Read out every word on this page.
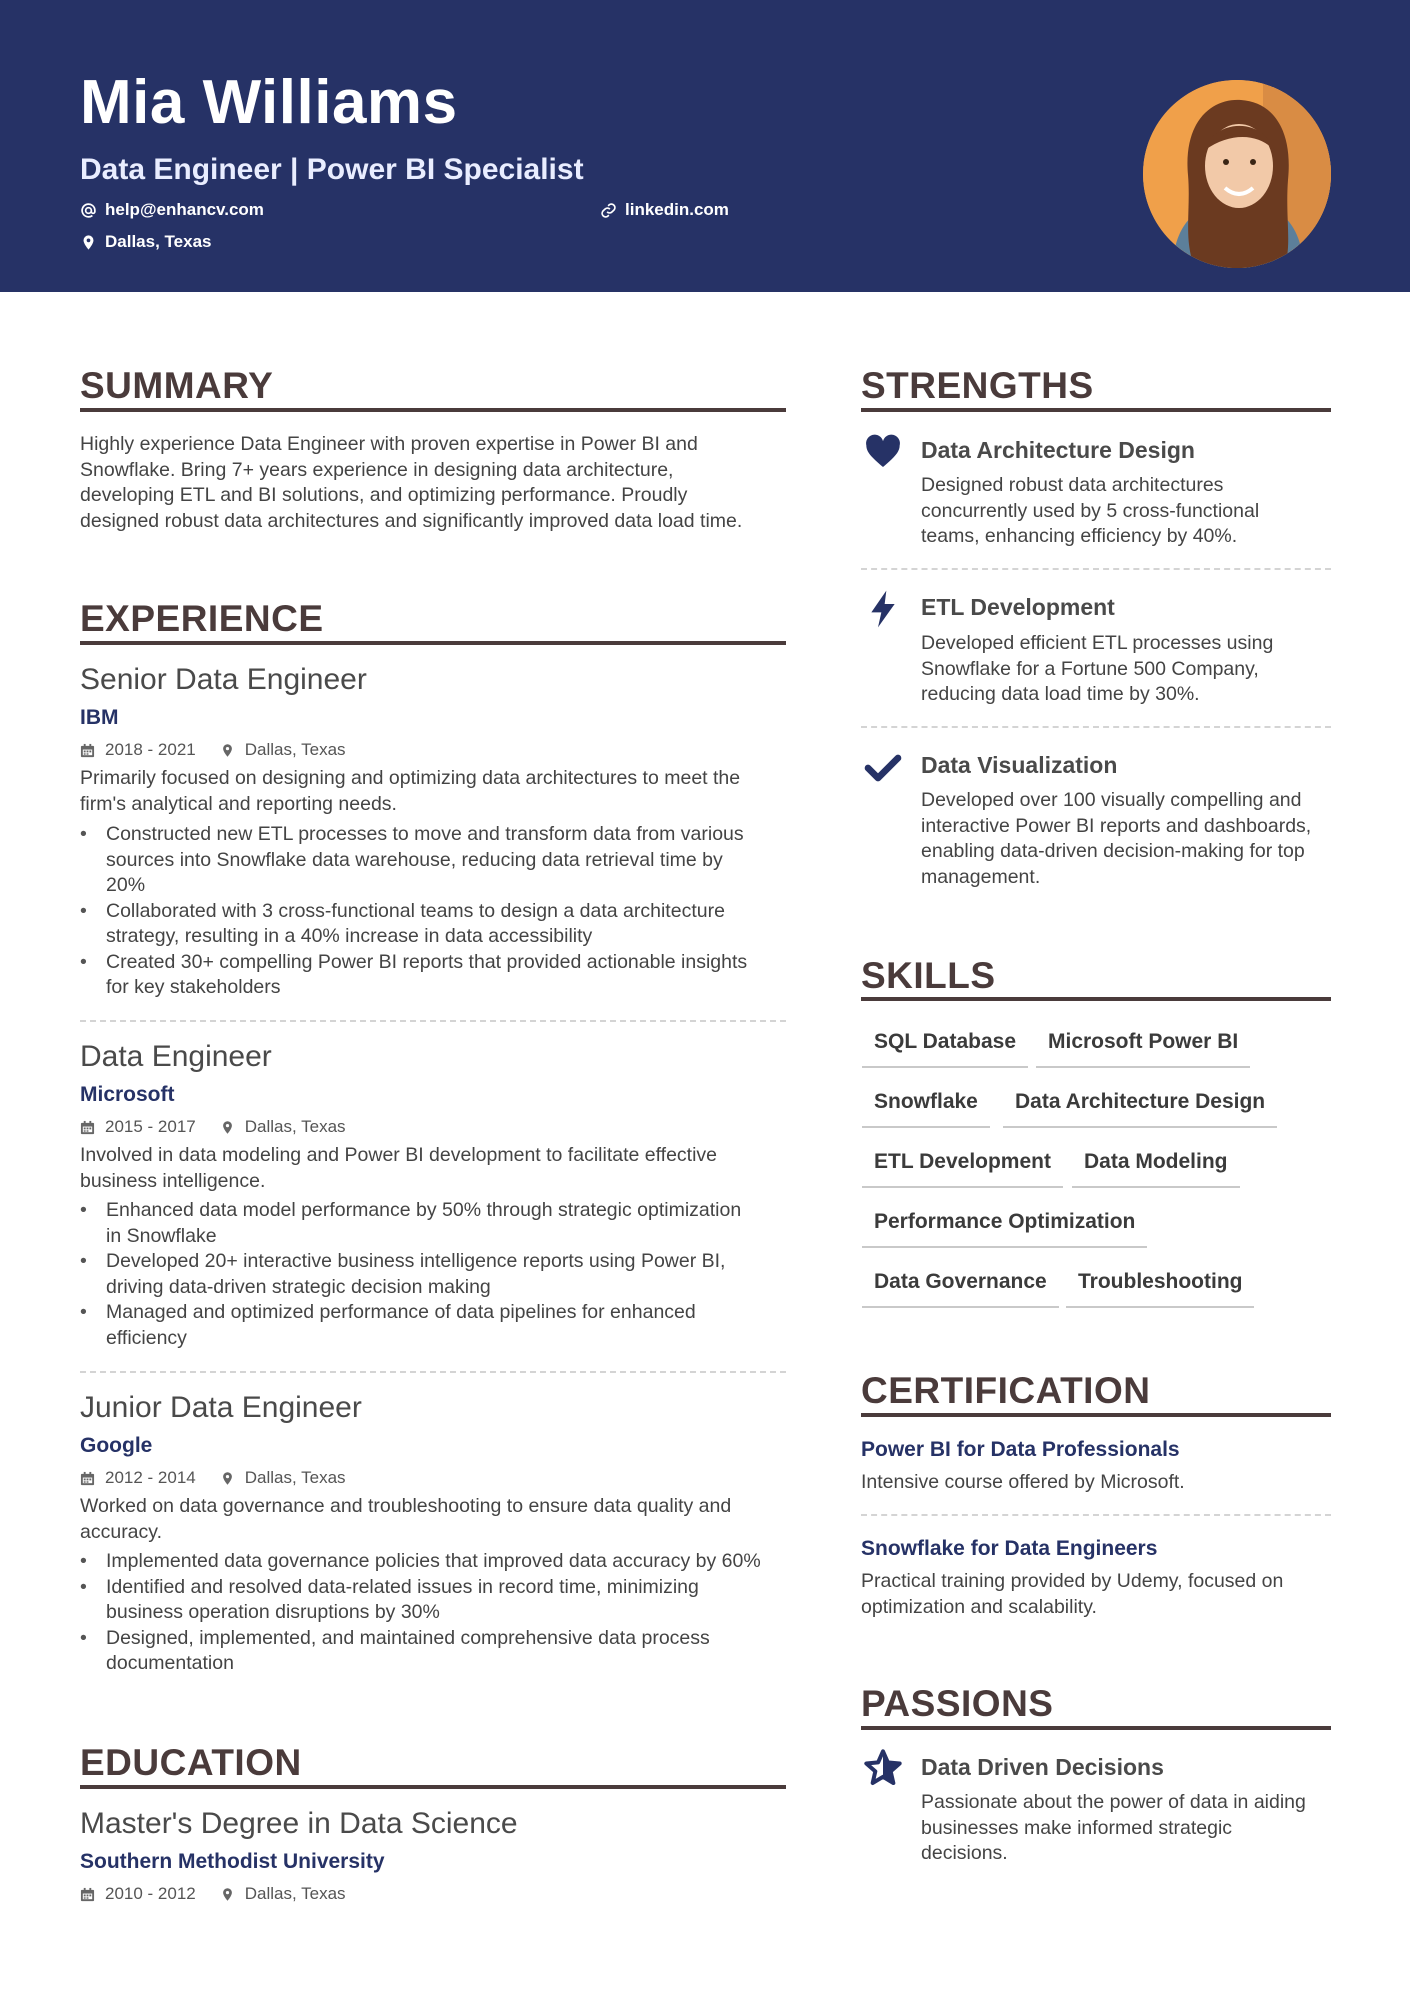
Mia Williams
Data Engineer | Power BI Specialist
help@enhancv.com	linkedin.com
Dallas, Texas
SUMMARY
Highly experience Data Engineer with proven expertise in Power BI and
Snowflake. Bring 7+ years experience in designing data architecture,
developing ETL and BI solutions, and optimizing performance. Proudly
designed robust data architectures and significantly improved data load time.
EXPERIENCE
Senior Data Engineer
IBM
2018 - 2021	Dallas, Texas
Primarily focused on designing and optimizing data architectures to meet the
firm's analytical and reporting needs.
• Constructed new ETL processes to move and transform data from various
sources into Snowflake data warehouse, reducing data retrieval time by
20%
• Collaborated with 3 cross-functional teams to design a data architecture
strategy, resulting in a 40% increase in data accessibility
• Created 30+ compelling Power BI reports that provided actionable insights
for key stakeholders
Data Engineer
Microsoft
2015 - 2017	Dallas, Texas
Involved in data modeling and Power BI development to facilitate effective
business intelligence.
• Enhanced data model performance by 50% through strategic optimization
in Snowflake
• Developed 20+ interactive business intelligence reports using Power BI,
driving data-driven strategic decision making
• Managed and optimized performance of data pipelines for enhanced
efficiency
Junior Data Engineer
Google
2012 - 2014	Dallas, Texas
Worked on data governance and troubleshooting to ensure data quality and
accuracy.
• Implemented data governance policies that improved data accuracy by 60%
• Identified and resolved data-related issues in record time, minimizing
business operation disruptions by 30%
• Designed, implemented, and maintained comprehensive data process
documentation
EDUCATION
Master's Degree in Data Science
Southern Methodist University
2010 - 2012	Dallas, Texas
STRENGTHS
Data Architecture Design
Designed robust data architectures
concurrently used by 5 cross-functional
teams, enhancing efficiency by 40%.
ETL Development
Developed efficient ETL processes using
Snowflake for a Fortune 500 Company,
reducing data load time by 30%.
Data Visualization
Developed over 100 visually compelling and
interactive Power BI reports and dashboards,
enabling data-driven decision-making for top
management.
SKILLS
SQL Database	Microsoft Power BI
Snowflake	Data Architecture Design
ETL Development	Data Modeling
Performance Optimization
Data Governance	Troubleshooting
CERTIFICATION
Power BI for Data Professionals
Intensive course offered by Microsoft.
Snowflake for Data Engineers
Practical training provided by Udemy, focused on
optimization and scalability.
PASSIONS
Data Driven Decisions
Passionate about the power of data in aiding
businesses make informed strategic
decisions.
